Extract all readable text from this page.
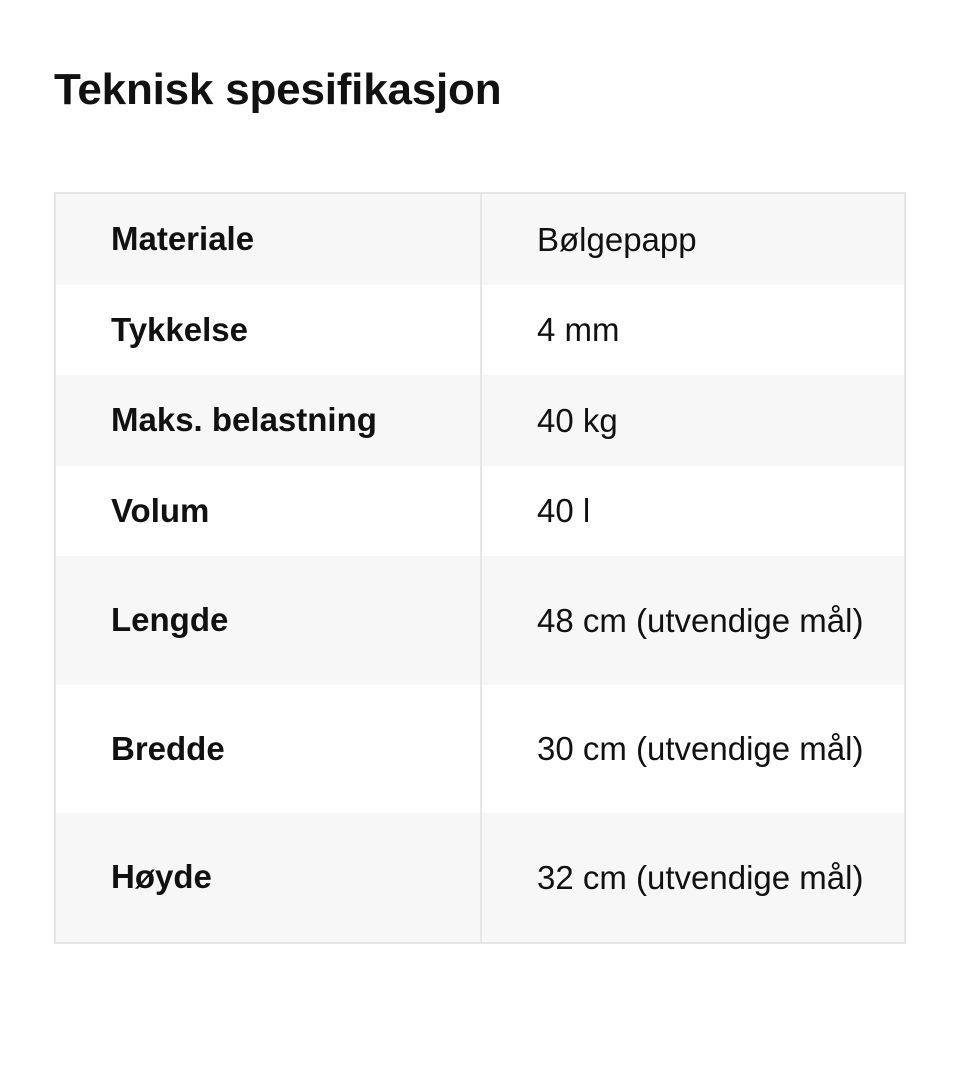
Teknisk spesifikasjon
Materiale	Bølgepapp
Tykkelse	4 mm
Maks. belastning	40 kg
Volum	40 l
Lengde	48 cm (utvendige mål)
Bredde	30 cm (utvendige mål)
Høyde	32 cm (utvendige mål)
